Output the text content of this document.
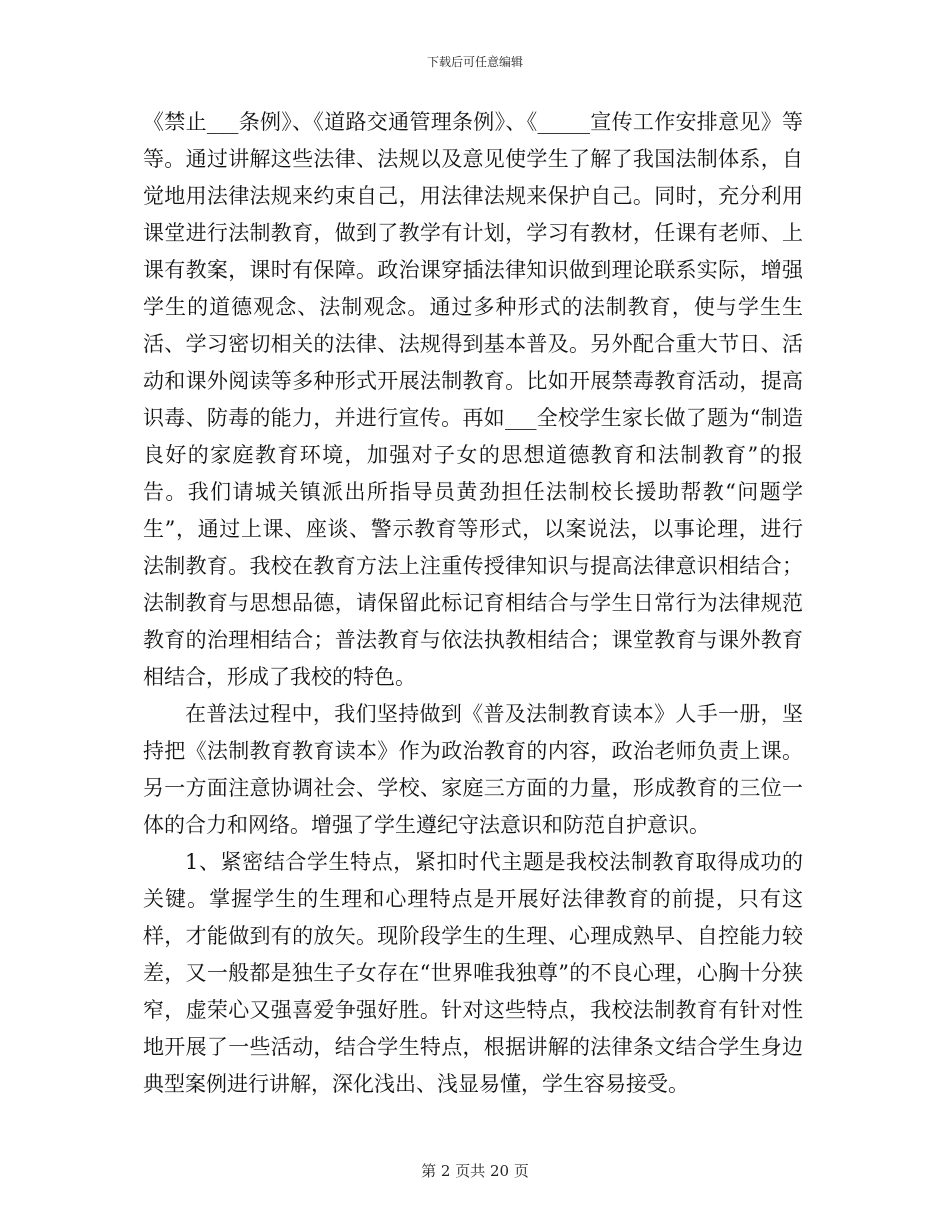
下载后可任意编辑

《禁止___条例》、《道路交通管理条例》、《_____宣传工作安排意见》等等。通过讲解这些法律、法规以及意见使学生了解了我国法制体系，自觉地用法律法规来约束自己，用法律法规来保护自己。同时，充分利用课堂进行法制教育，做到了教学有计划，学习有教材，任课有老师、上课有教案，课时有保障。政治课穿插法律知识做到理论联系实际，增强学生的道德观念、法制观念。通过多种形式的法制教育，使与学生生活、学习密切相关的法律、法规得到基本普及。另外配合重大节日、活动和课外阅读等多种形式开展法制教育。比如开展禁毒教育活动，提高识毒、防毒的能力，并进行宣传。再如___全校学生家长做了题为“制造良好的家庭教育环境，加强对子女的思想道德教育和法制教育”的报告。我们请城关镇派出所指导员黄劲担任法制校长援助帮教“问题学生”，通过上课、座谈、警示教育等形式，以案说法，以事论理，进行法制教育。我校在教育方法上注重传授律知识与提高法律意识相结合；法制教育与思想品德，请保留此标记育相结合与学生日常行为法律规范教育的治理相结合；普法教育与依法执教相结合；课堂教育与课外教育相结合，形成了我校的特色。

在普法过程中，我们坚持做到《普及法制教育读本》人手一册，坚持把《法制教育教育读本》作为政治教育的内容，政治老师负责上课。另一方面注意协调社会、学校、家庭三方面的力量，形成教育的三位一体的合力和网络。增强了学生遵纪守法意识和防范自护意识。

1、紧密结合学生特点，紧扣时代主题是我校法制教育取得成功的关键。掌握学生的生理和心理特点是开展好法律教育的前提，只有这样，才能做到有的放矢。现阶段学生的生理、心理成熟早、自控能力较差，又一般都是独生子女存在“世界唯我独尊”的不良心理，心胸十分狭窄，虚荣心又强喜爱争强好胜。针对这些特点，我校法制教育有针对性地开展了一些活动，结合学生特点，根据讲解的法律条文结合学生身边典型案例进行讲解，深化浅出、浅显易懂，学生容易接受。

第 2 页共 20 页
